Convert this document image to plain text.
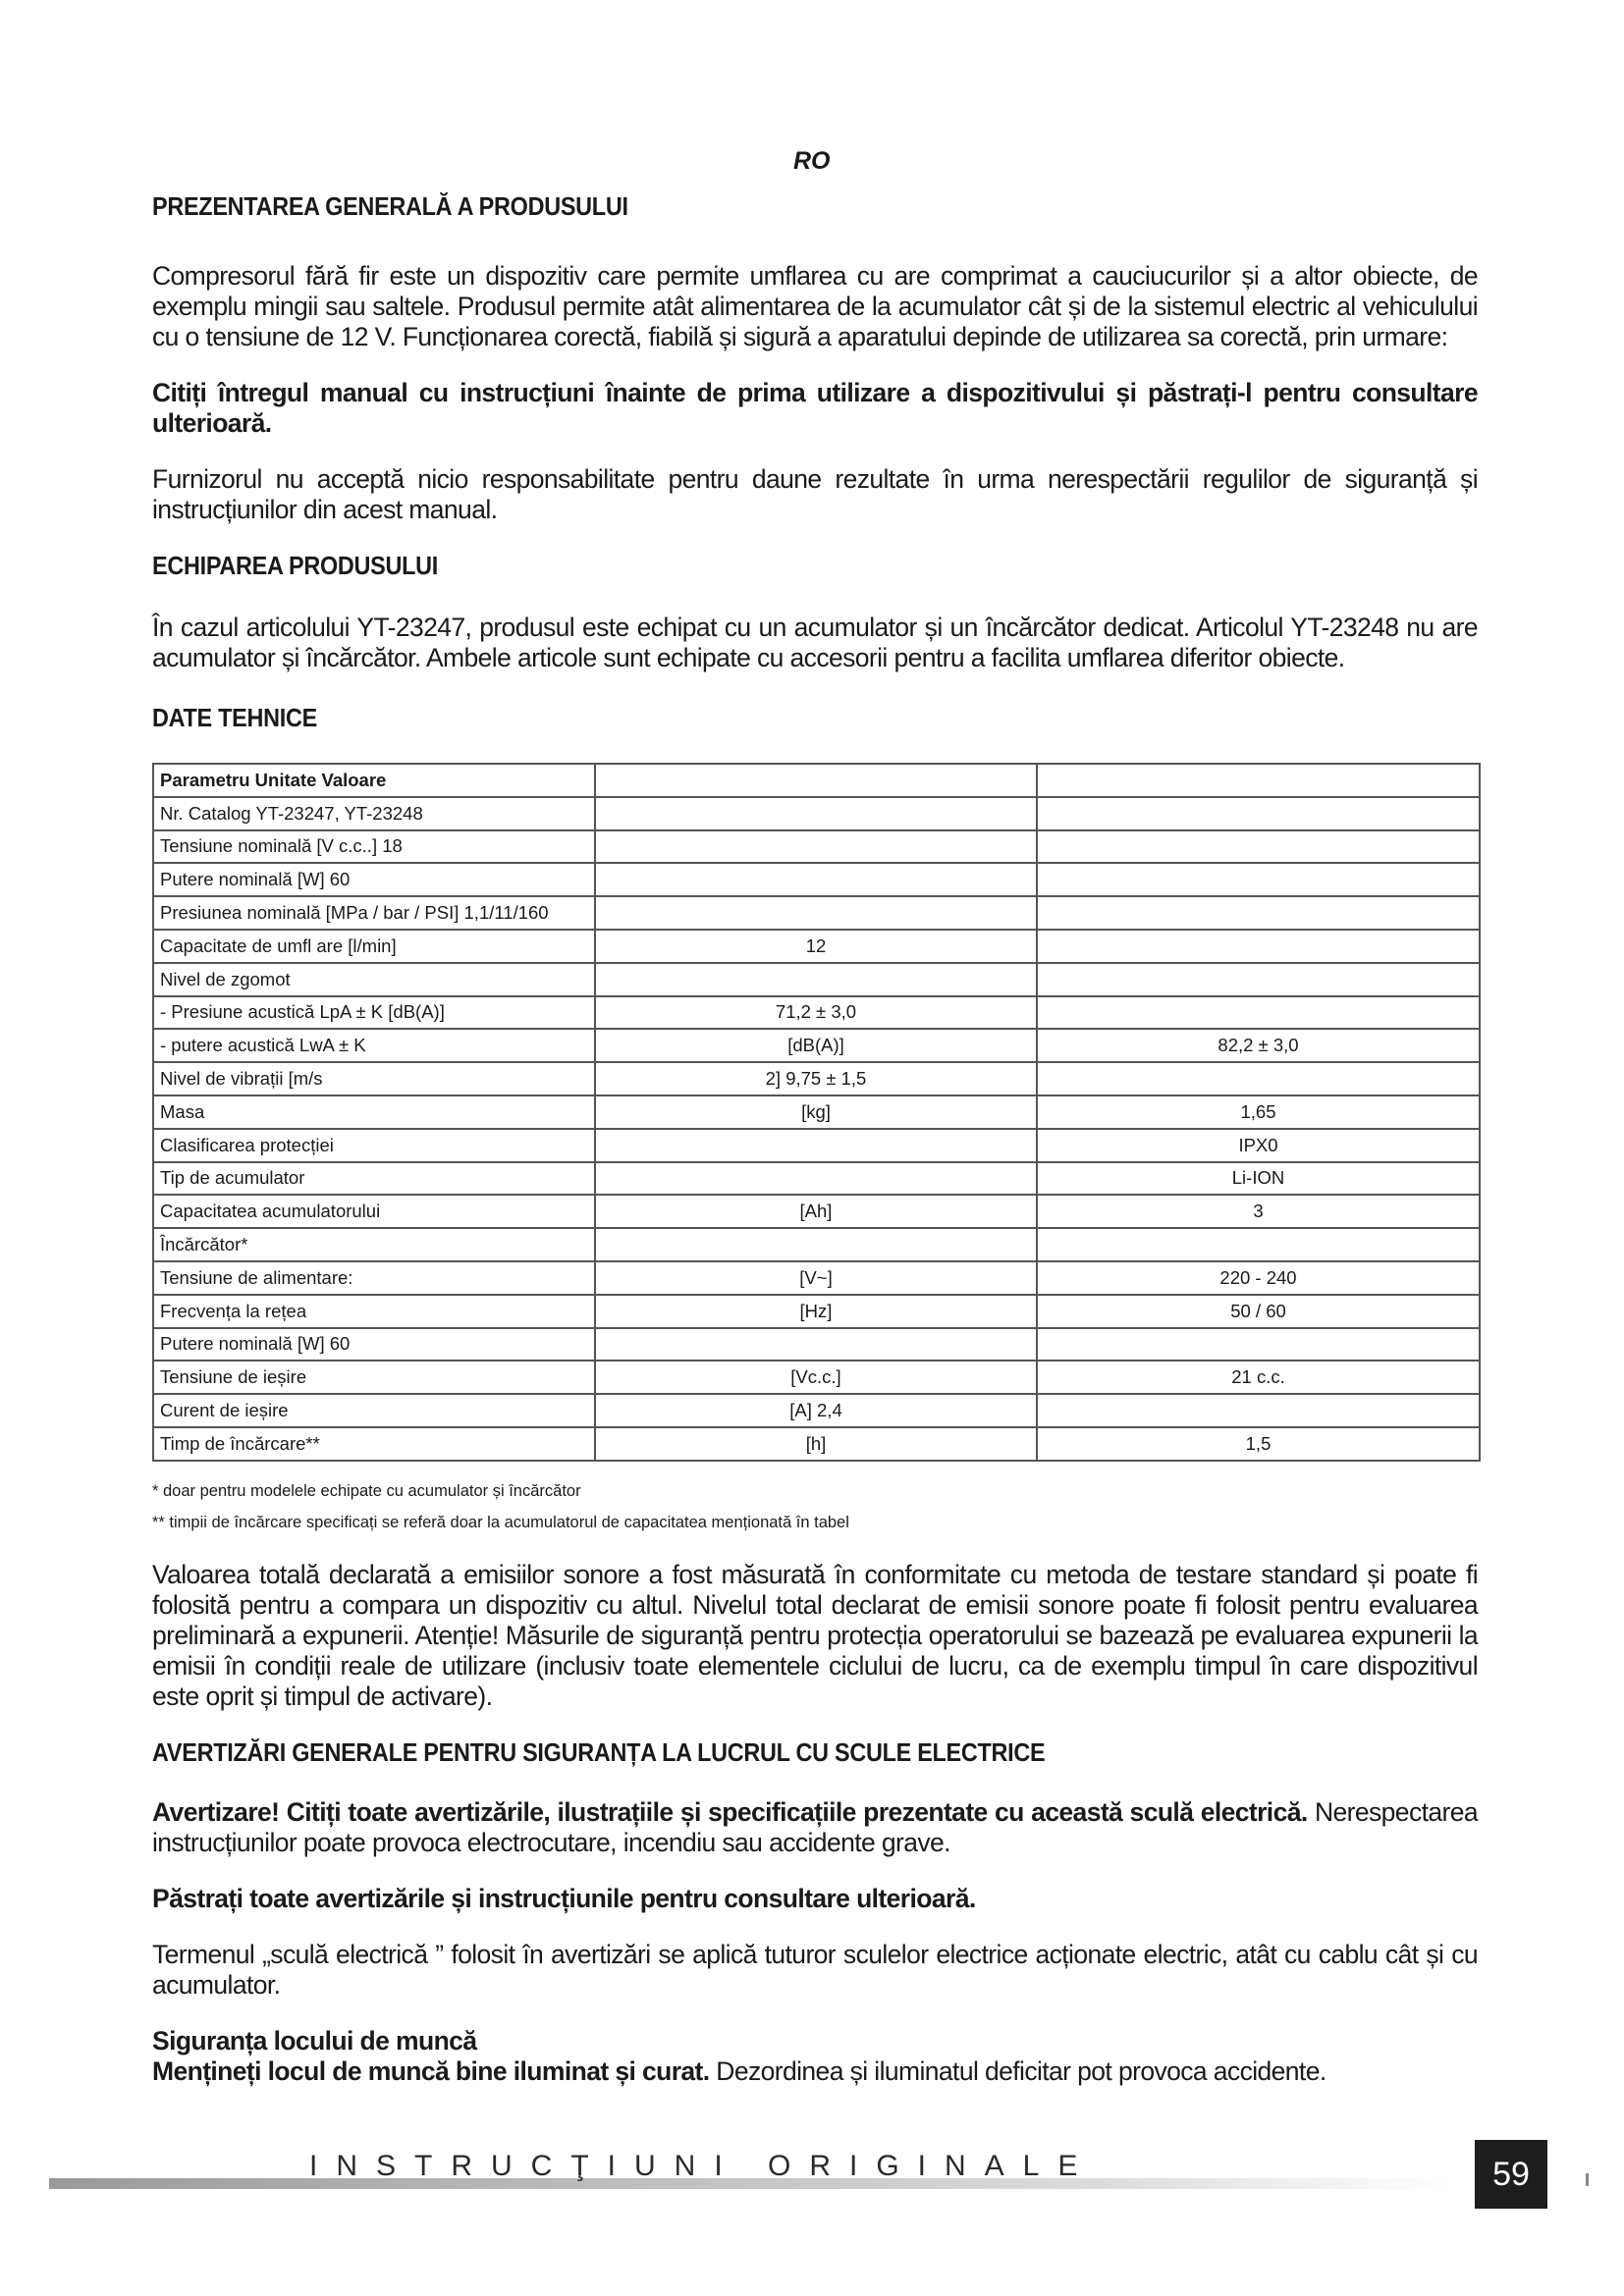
RO
PREZENTAREA GENERALĂ A PRODUSULUI

Compresorul fără fir este un dispozitiv care permite umflarea cu are comprimat a cauciucurilor și a altor obiecte, de exemplu mingii sau saltele. Produsul permite atât alimentarea de la acumulator cât și de la sistemul electric al vehiculului cu o tensiune de 12 V. Funcționarea corectă, fiabilă și sigură a aparatului depinde de utilizarea sa corectă, prin urmare:

Citiți întregul manual cu instrucțiuni înainte de prima utilizare a dispozitivului și păstrați-l pentru consultare ulterioară.

Furnizorul nu acceptă nicio responsabilitate pentru daune rezultate în urma nerespectării regulilor de siguranță și instrucțiunilor din acest manual.

ECHIPAREA PRODUSULUI

În cazul articolului YT-23247, produsul este echipat cu un acumulator și un încărcător dedicat. Articolul YT-23248 nu are acumulator și încărcător. Ambele articole sunt echipate cu accesorii pentru a facilita umflarea diferitor obiecte.

DATE TEHNICE
Parametru Unitate Valoare		
Nr. Catalog YT-23247, YT-23248		
Tensiune nominală [V c.c..] 18		
Putere nominală [W] 60		
Presiunea nominală [MPa / bar / PSI] 1,1/11/160		
Capacitate de umfl are [l/min]	12	
Nivel de zgomot		
- Presiune acustică LpA ± K [dB(A)]	71,2 ± 3,0	
- putere acustică LwA ± K	[dB(A)]	82,2 ± 3,0
Nivel de vibrații [m/s	2] 9,75 ± 1,5	
Masa	[kg]	1,65
Clasificarea protecției		IPX0
Tip de acumulator		Li-ION
Capacitatea acumulatorului	[Ah]	3
Încărcător*		
Tensiune de alimentare:	[V~]	220 - 240
Frecvența la rețea	[Hz]	50 / 60
Putere nominală [W] 60		
Tensiune de ieșire	[Vc.c.]	21 c.c.
Curent de ieșire	[A] 2,4	
Timp de încărcare**	[h]	1,5

* doar pentru modelele echipate cu acumulator și încărcător

** timpii de încărcare specificați se referă doar la acumulatorul de capacitatea menționată în tabel

Valoarea totală declarată a emisiilor sonore a fost măsurată în conformitate cu metoda de testare standard și poate fi folosită pentru a compara un dispozitiv cu altul. Nivelul total declarat de emisii sonore poate fi folosit pentru evaluarea preliminară a expunerii. Atenție! Măsurile de siguranță pentru protecția operatorului se bazează pe evaluarea expunerii la emisii în condiții reale de utilizare (inclusiv toate elementele ciclului de lucru, ca de exemplu timpul în care dispozitivul este oprit și timpul de activare).

AVERTIZĂRI GENERALE PENTRU SIGURANȚA LA LUCRUL CU SCULE ELECTRICE

Avertizare! Citiți toate avertizările, ilustrațiile și specificațiile prezentate cu această sculă electrică. Nerespectarea instrucțiunilor poate provoca electrocutare, incendiu sau accidente grave.

Păstrați toate avertizările și instrucțiunile pentru consultare ulterioară.

Termenul „sculă electrică ” folosit în avertizări se aplică tuturor sculelor electrice acționate electric, atât cu cablu cât și cu acumulator.

Siguranța locului de muncă

Mențineți locul de muncă bine iluminat și curat. Dezordinea și iluminatul deficitar pot provoca accidente.

INSTRUCŢIUNI ORIGINALE	59
